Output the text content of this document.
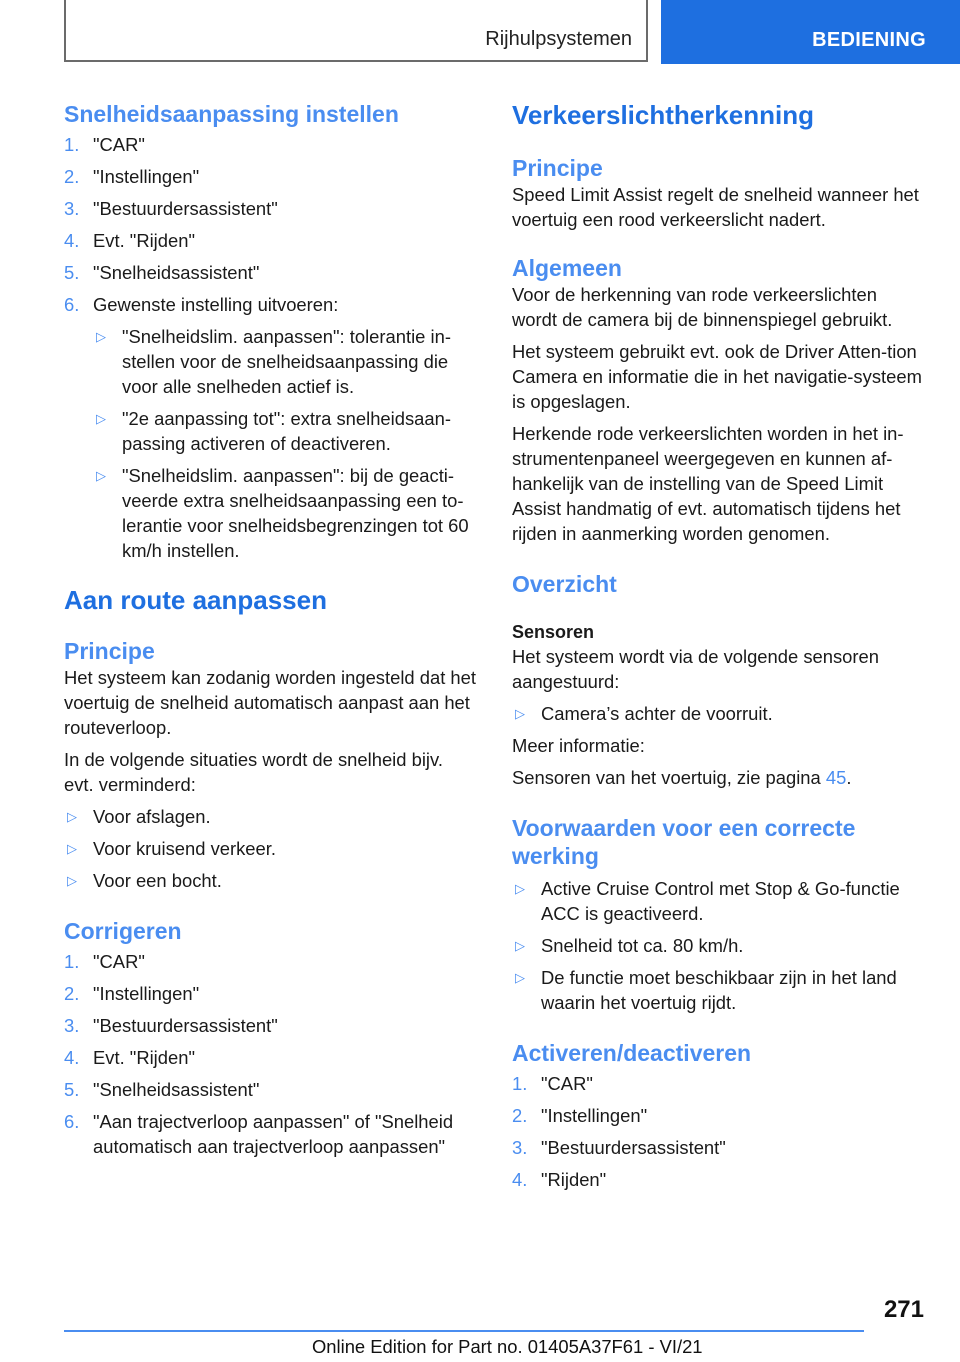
Rijhulpsystemen	BEDIENING
Snelheidsaanpassing instellen
1. "CAR"
2. "Instellingen"
3. "Bestuurdersassistent"
4. Evt. "Rijden"
5. "Snelheidsassistent"
6. Gewenste instelling uitvoeren:
▷ "Snelheidslim. aanpassen": tolerantie in-stellen voor de snelheidsaanpassing die voor alle snelheden actief is.
▷ "2e aanpassing tot": extra snelheidsaan-passing activeren of deactiveren.
▷ "Snelheidslim. aanpassen": bij de geacti-veerde extra snelheidsaanpassing een to-lerantie voor snelheidsbegrenzingen tot 60 km/h instellen.
Aan route aanpassen
Principe

Het systeem kan zodanig worden ingesteld dat het voertuig de snelheid automatisch aanpast aan het routeverloop.

In de volgende situaties wordt de snelheid bijv. evt. verminderd:

▷ Voor afslagen.
▷ Voor kruisend verkeer.
▷ Voor een bocht.
Corrigeren
1. "CAR"
2. "Instellingen"
3. "Bestuurdersassistent"
4. Evt. "Rijden"
5. "Snelheidsassistent"
6. "Aan trajectverloop aanpassen" of "Snelheid automatisch aan trajectverloop aanpassen"
Verkeerslichtherkenning
Principe

Speed Limit Assist regelt de snelheid wanneer het voertuig een rood verkeerslicht nadert.

Algemeen

Voor de herkenning van rode verkeerslichten wordt de camera bij de binnenspiegel gebruikt.

Het systeem gebruikt evt. ook de Driver Atten-tion Camera en informatie die in het navigatie-systeem is opgeslagen.

Herkende rode verkeerslichten worden in het in-strumentenpaneel weergegeven en kunnen af-hankelijk van de instelling van de Speed Limit Assist handmatig of evt. automatisch tijdens het rijden in aanmerking worden genomen.

Overzicht
Sensoren

Het systeem wordt via de volgende sensoren aangestuurd:

▷ Camera’s achter de voorruit.

Meer informatie:

Sensoren van het voertuig, zie pagina 45.

Voorwaarden voor een correcte werking
▷ Active Cruise Control met Stop & Go-functie ACC is geactiveerd.
▷ Snelheid tot ca. 80 km/h.
▷ De functie moet beschikbaar zijn in het land waarin het voertuig rijdt.
Activeren/deactiveren
1. "CAR"
2. "Instellingen"
3. "Bestuurdersassistent"
4. "Rijden"
271
Online Edition for Part no. 01405A37F61 - VI/21
